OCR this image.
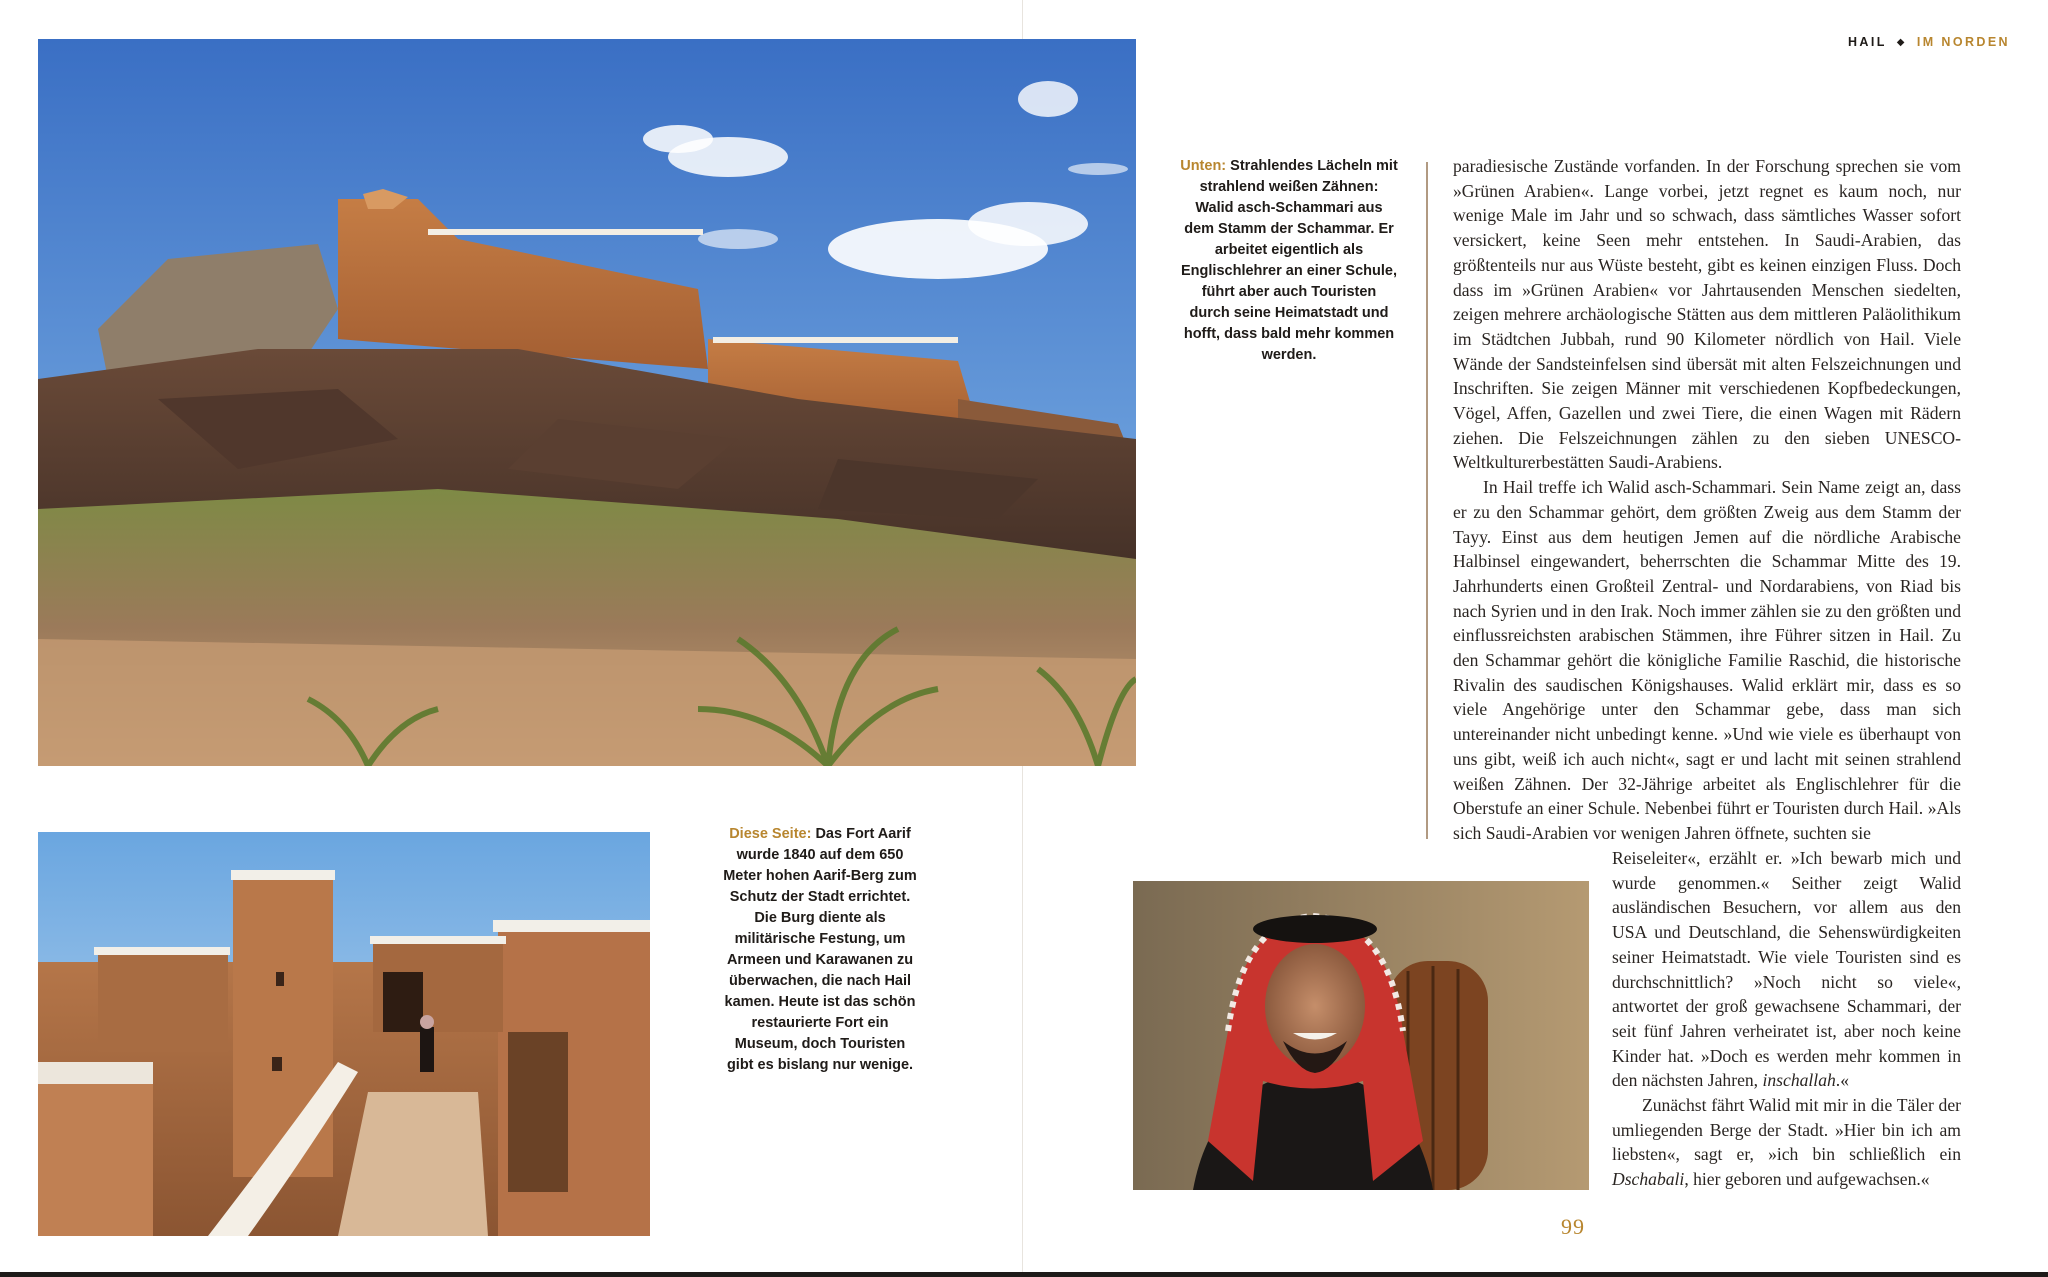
Unten: Strahlendes Lächeln mit strahlend weißen Zähnen: Walid asch-Schammari aus dem Stamm der Schammar. Er arbeitet eigentlich als Englischlehrer an einer Schule, führt aber auch Touristen durch seine Heimatstadt und hofft, dass bald mehr kommen werden.
Diese Seite: Das Fort Aarif wurde 1840 auf dem 650 Meter hohen Aarif-Berg zum Schutz der Stadt errichtet. Die Burg diente als militärische Festung, um Armeen und Karawanen zu überwachen, die nach Hail kamen. Heute ist das schön restaurierte Fort ein Museum, doch Touristen gibt es bislang nur wenige.
HAIL ◆ IM NORDEN

paradiesische Zustände vorfanden. In der Forschung sprechen sie vom »Grünen Arabien«. Lange vorbei, jetzt regnet es kaum noch, nur wenige Male im Jahr und so schwach, dass sämtliches Wasser sofort versickert, keine Seen mehr entstehen. In Saudi-Arabien, das größtenteils nur aus Wüste besteht, gibt es keinen einzigen Fluss. Doch dass im »Grünen Arabien« vor Jahrtausenden Menschen siedelten, zeigen mehrere archäologische Stätten aus dem mittleren Paläolithikum im Städtchen Jubbah, rund 90 Kilometer nördlich von Hail. Viele Wände der Sandsteinfelsen sind übersät mit alten Felszeichnungen und Inschriften. Sie zeigen Männer mit verschiedenen Kopfbedeckungen, Vögel, Affen, Gazellen und zwei Tiere, die einen Wagen mit Rädern ziehen. Die Felszeichnungen zählen zu den sieben UNESCO-Weltkulturerbestätten Saudi-Arabiens.

In Hail treffe ich Walid asch-Schammari. Sein Name zeigt an, dass er zu den Schammar gehört, dem größten Zweig aus dem Stamm der Tayy. Einst aus dem heutigen Jemen auf die nördliche Arabische Halbinsel eingewandert, beherrschten die Schammar Mitte des 19. Jahrhunderts einen Großteil Zentral- und Nordarabiens, von Riad bis nach Syrien und in den Irak. Noch immer zählen sie zu den größten und einflussreichsten arabischen Stämmen, ihre Führer sitzen in Hail. Zu den Schammar gehört die königliche Familie Raschid, die historische Rivalin des saudischen Königshauses. Walid erklärt mir, dass es so viele Angehörige unter den Schammar gebe, dass man sich untereinander nicht unbedingt kenne. »Und wie viele es überhaupt von uns gibt, weiß ich auch nicht«, sagt er und lacht mit seinen strahlend weißen Zähnen. Der 32-Jährige arbeitet als Englischlehrer für die Oberstufe an einer Schule. Nebenbei führt er Touristen durch Hail. »Als sich Saudi-Arabien vor wenigen Jahren öffnete, suchten sie

Reiseleiter«, erzählt er. »Ich bewarb mich und wurde genommen.« Seither zeigt Walid ausländischen Besuchern, vor allem aus den USA und Deutschland, die Sehenswürdigkeiten seiner Heimatstadt. Wie viele Touristen sind es durchschnittlich? »Noch nicht so viele«, antwortet der groß gewachsene Schammari, der seit fünf Jahren verheiratet ist, aber noch keine Kinder hat. »Doch es werden mehr kommen in den nächsten Jahren, inschallah.«

Zunächst fährt Walid mit mir in die Täler der umliegenden Berge der Stadt. »Hier bin ich am liebsten«, sagt er, »ich bin schließlich ein Dschabali, hier geboren und aufgewachsen.«

99
